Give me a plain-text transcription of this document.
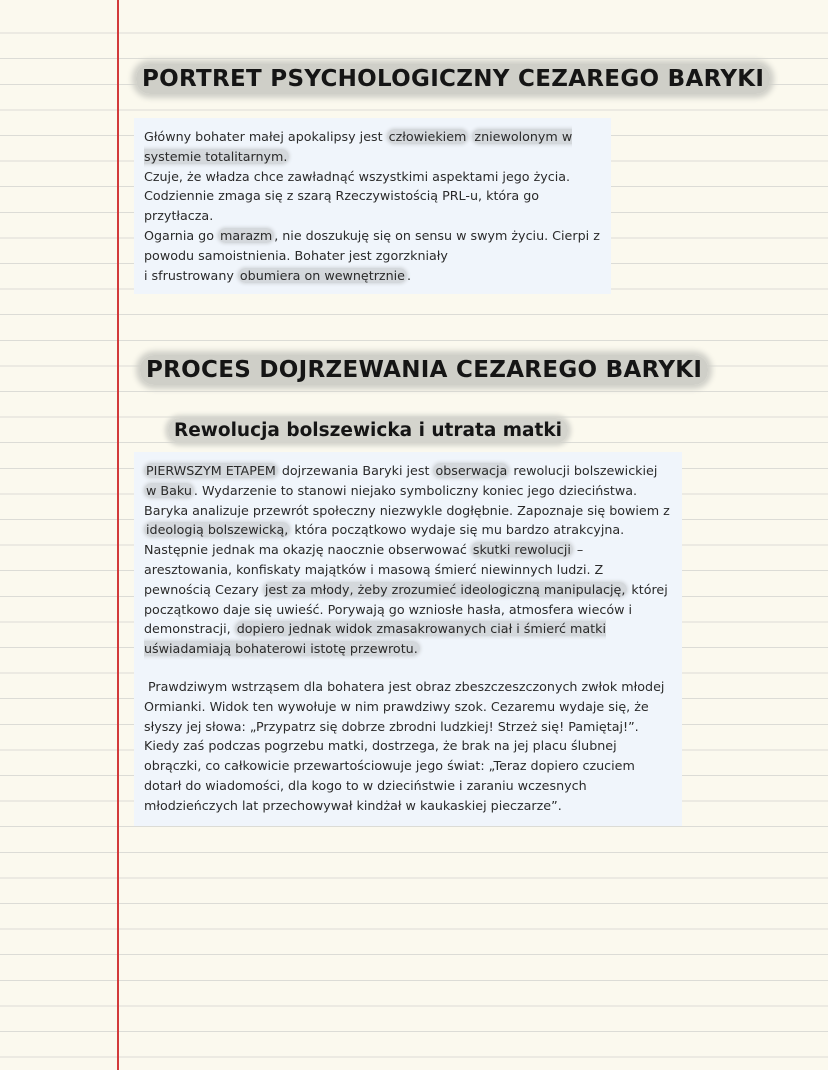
PORTRET PSYCHOLOGICZNY CEZAREGO BARYKI

Główny bohater małej apokalipsy jest człowiekiem zniewolonym w systemie totalitarnym.

Czuje, że władza chce zawładnąć wszystkimi aspektami jego życia.

Codziennie zmaga się z szarą Rzeczywistością PRL-u, która go przytłacza.

Ogarnia go marazm , nie doszukuję się on sensu w swym życiu. Cierpi z powodu samoistnienia. Bohater jest zgorzkniały

i sfrustrowany obumiera on wewnętrznie .

PROCES DOJRZEWANIA CEZAREGO BARYKI
Rewolucja bolszewicka i utrata matki

PIERWSZYM ETAPEM dojrzewania Baryki jest obserwacja rewolucji bolszewickiej w Baku . Wydarzenie to stanowi niejako symboliczny koniec jego dzieciństwa. Baryka analizuje przewrót społeczny niezwykle dogłębnie. Zapoznaje się bowiem z ideologią bolszewicką, która początkowo wydaje się mu bardzo atrakcyjna. Następnie jednak ma okazję naocznie obserwować skutki rewolucji – aresztowania, konfiskaty majątków i masową śmierć niewinnych ludzi. Z pewnością Cezary jest za młody, żeby zrozumieć ideologiczną manipulację, której początkowo daje się uwieść. Porywają go wzniosłe hasła, atmosfera wieców i demonstracji, dopiero jednak widok zmasakrowanych ciał i śmierć matki uświadamiają bohaterowi istotę przewrotu.

Prawdziwym wstrząsem dla bohatera jest obraz zbeszczeszczonych zwłok młodej Ormianki. Widok ten wywołuje w nim prawdziwy szok. Cezaremu wydaje się, że słyszy jej słowa: „Przypatrz się dobrze zbrodni ludzkiej! Strzeż się! Pamiętaj!”. Kiedy zaś podczas pogrzebu matki, dostrzega, że brak na jej placu ślubnej obrączki, co całkowicie przewartościowuje jego świat: „Teraz dopiero czuciem dotarł do wiadomości, dla kogo to w dzieciństwie i zaraniu wczesnych młodzieńczych lat przechowywał kindżał w kaukaskiej pieczarze”.
